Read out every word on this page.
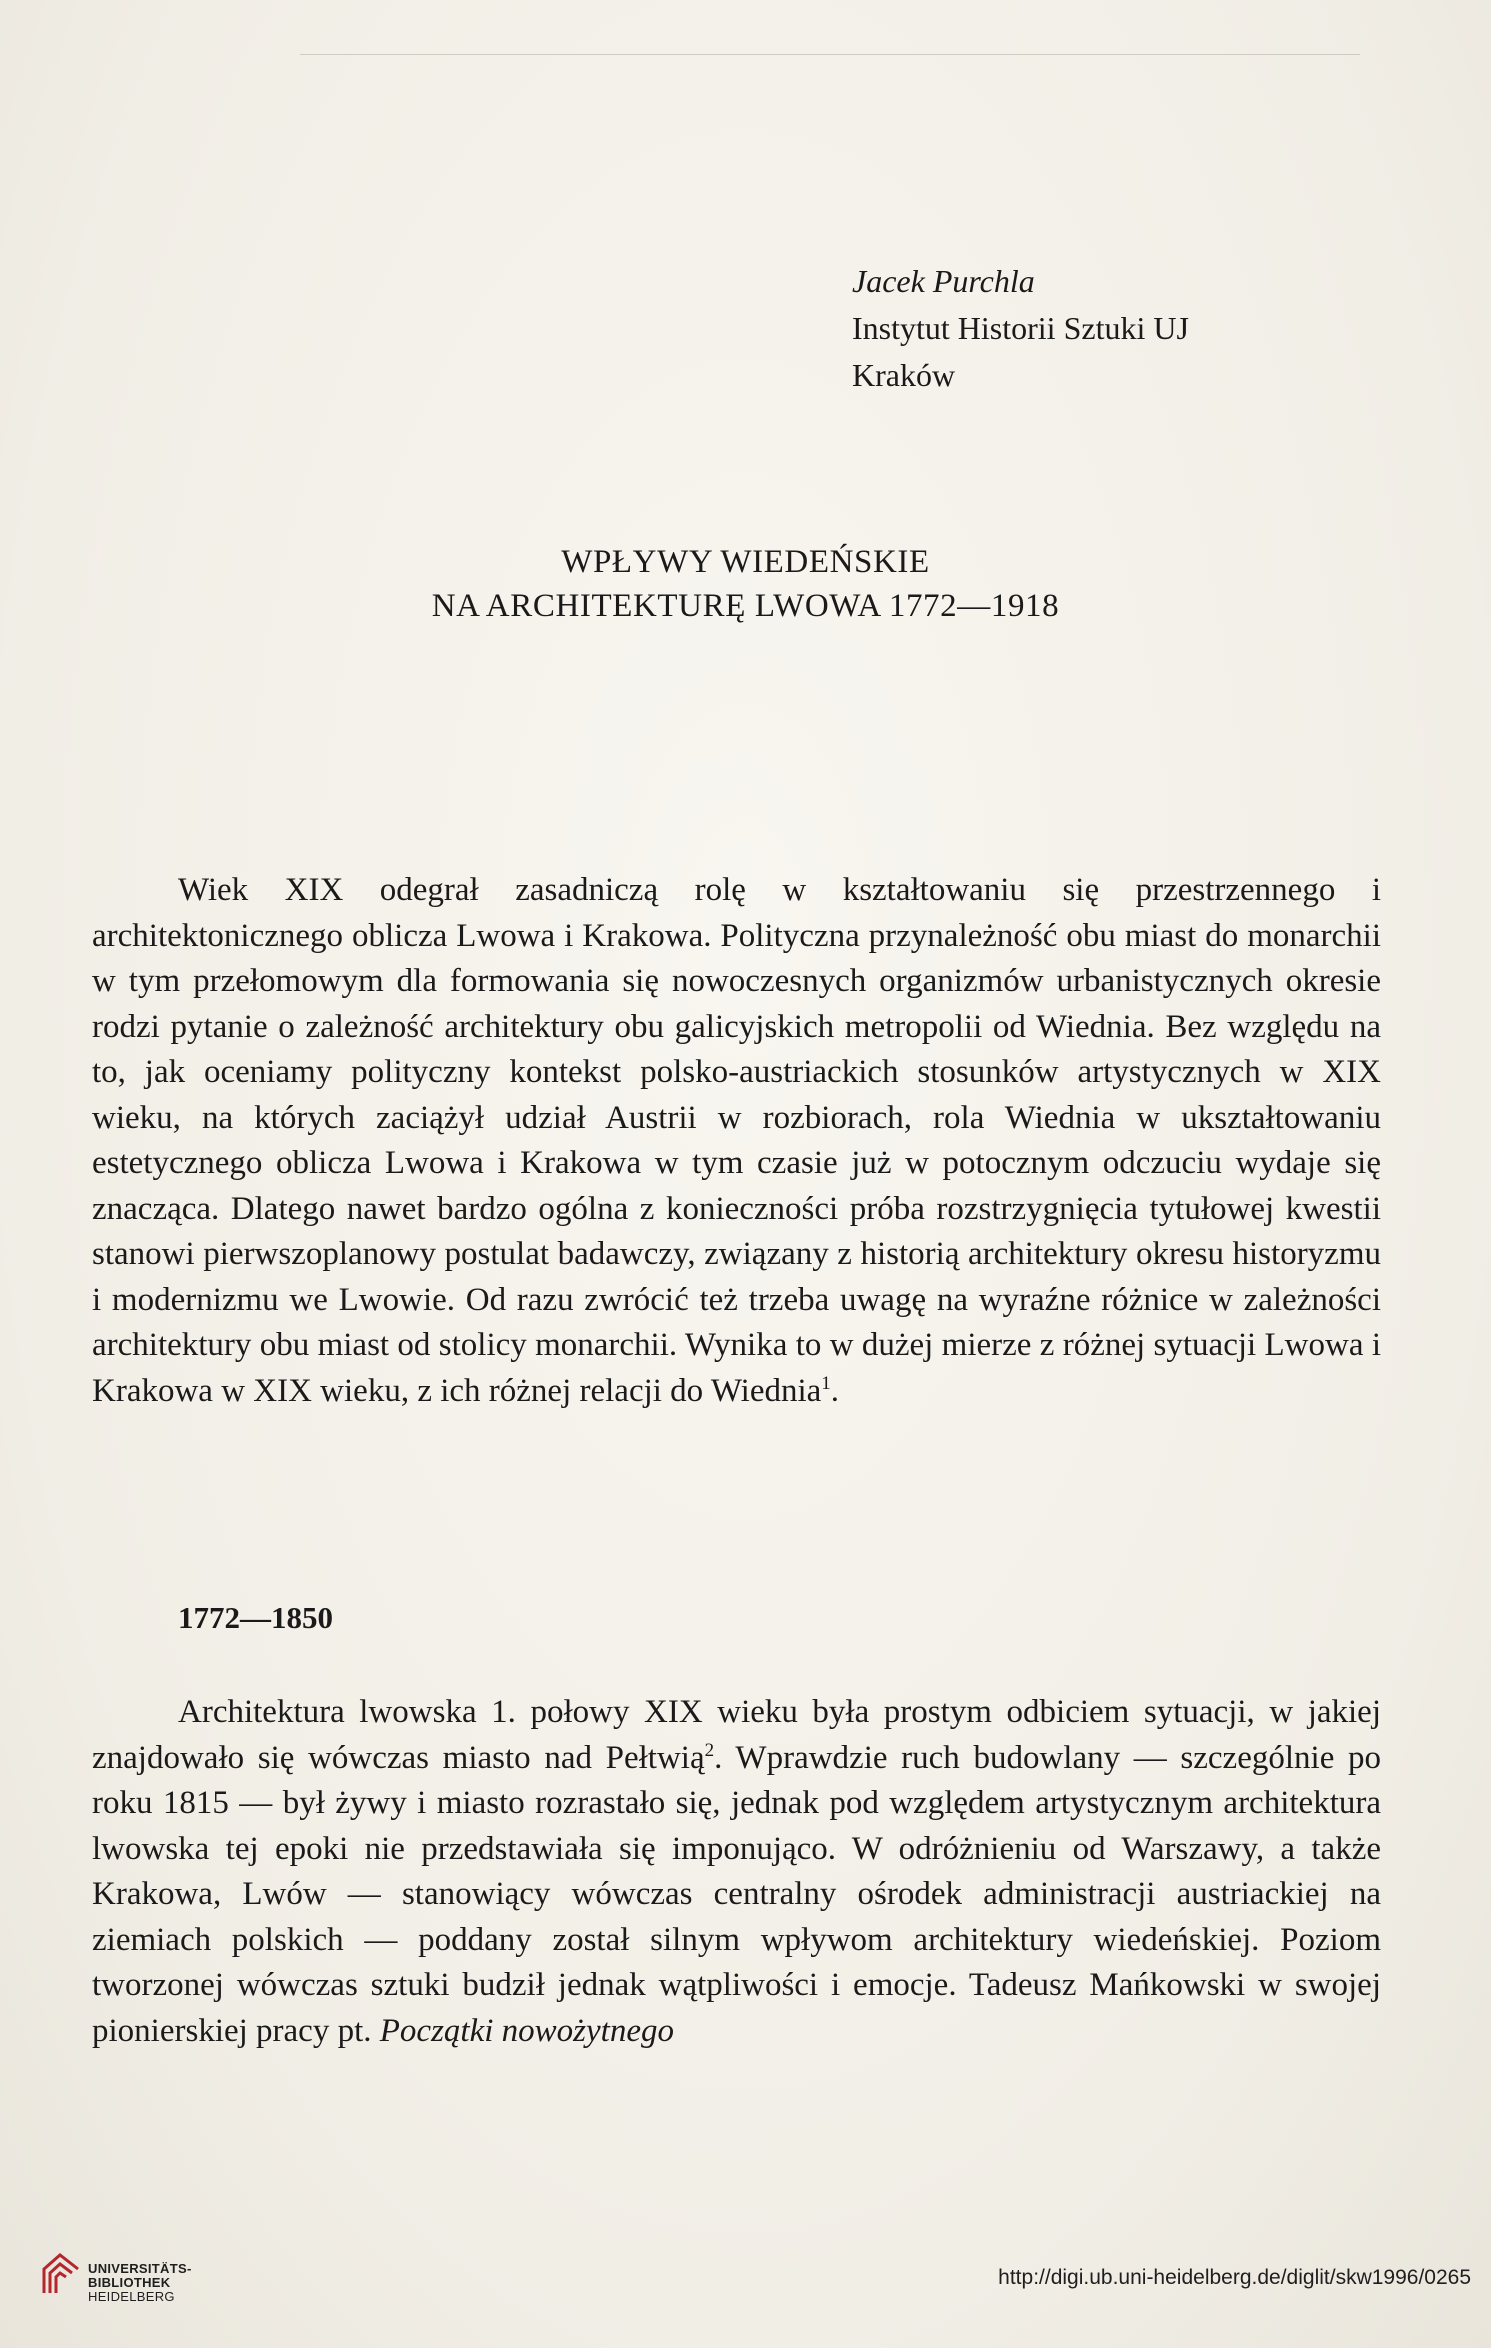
Jacek Purchla
Instytut Historii Sztuki UJ
Kraków
WPŁYWY WIEDEŃSKIE
NA ARCHITEKTURĘ LWOWA 1772—1918

Wiek XIX odegrał zasadniczą rolę w kształtowaniu się przestrzennego i architektonicznego oblicza Lwowa i Krakowa. Polityczna przynależność obu miast do monarchii w tym przełomowym dla formowania się nowoczesnych organizmów urbanistycznych okresie rodzi pytanie o zależność architektury obu galicyjskich metropolii od Wiednia. Bez względu na to, jak oceniamy polityczny kontekst polsko-austriackich stosunków artystycznych w XIX wieku, na których zaciążył udział Austrii w rozbiorach, rola Wiednia w ukształtowaniu estetycznego oblicza Lwowa i Krakowa w tym czasie już w potocznym odczuciu wydaje się znacząca. Dlatego nawet bardzo ogólna z konieczności próba rozstrzygnięcia tytułowej kwestii stanowi pierwszoplanowy postulat badawczy, związany z historią architektury okresu historyzmu i modernizmu we Lwowie. Od razu zwrócić też trzeba uwagę na wyraźne różnice w zależności architektury obu miast od stolicy monarchii. Wynika to w dużej mierze z różnej sytuacji Lwowa i Krakowa w XIX wieku, z ich różnej relacji do Wiednia$^1$.

1772—1850

Architektura lwowska 1. połowy XIX wieku była prostym odbiciem sytuacji, w jakiej znajdowało się wówczas miasto nad Pełtwią$^2$. Wprawdzie ruch budowlany — szczególnie po roku 1815 — był żywy i miasto rozrastało się, jednak pod względem artystycznym architektura lwowska tej epoki nie przedstawiała się imponująco. W odróżnieniu od Warszawy, a także Krakowa, Lwów — stanowiący wówczas centralny ośrodek administracji austriackiej na ziemiach polskich — poddany został silnym wpływom architektury wiedeńskiej. Poziom tworzonej wówczas sztuki budził jednak wątpliwości i emocje. Tadeusz Mańkowski w swojej pionierskiej pracy pt. Początki nowożytnego

UNIVERSITÄTS-
BIBLIOTHEK
HEIDELBERG
http://digi.ub.uni-heidelberg.de/diglit/skw1996/0265
